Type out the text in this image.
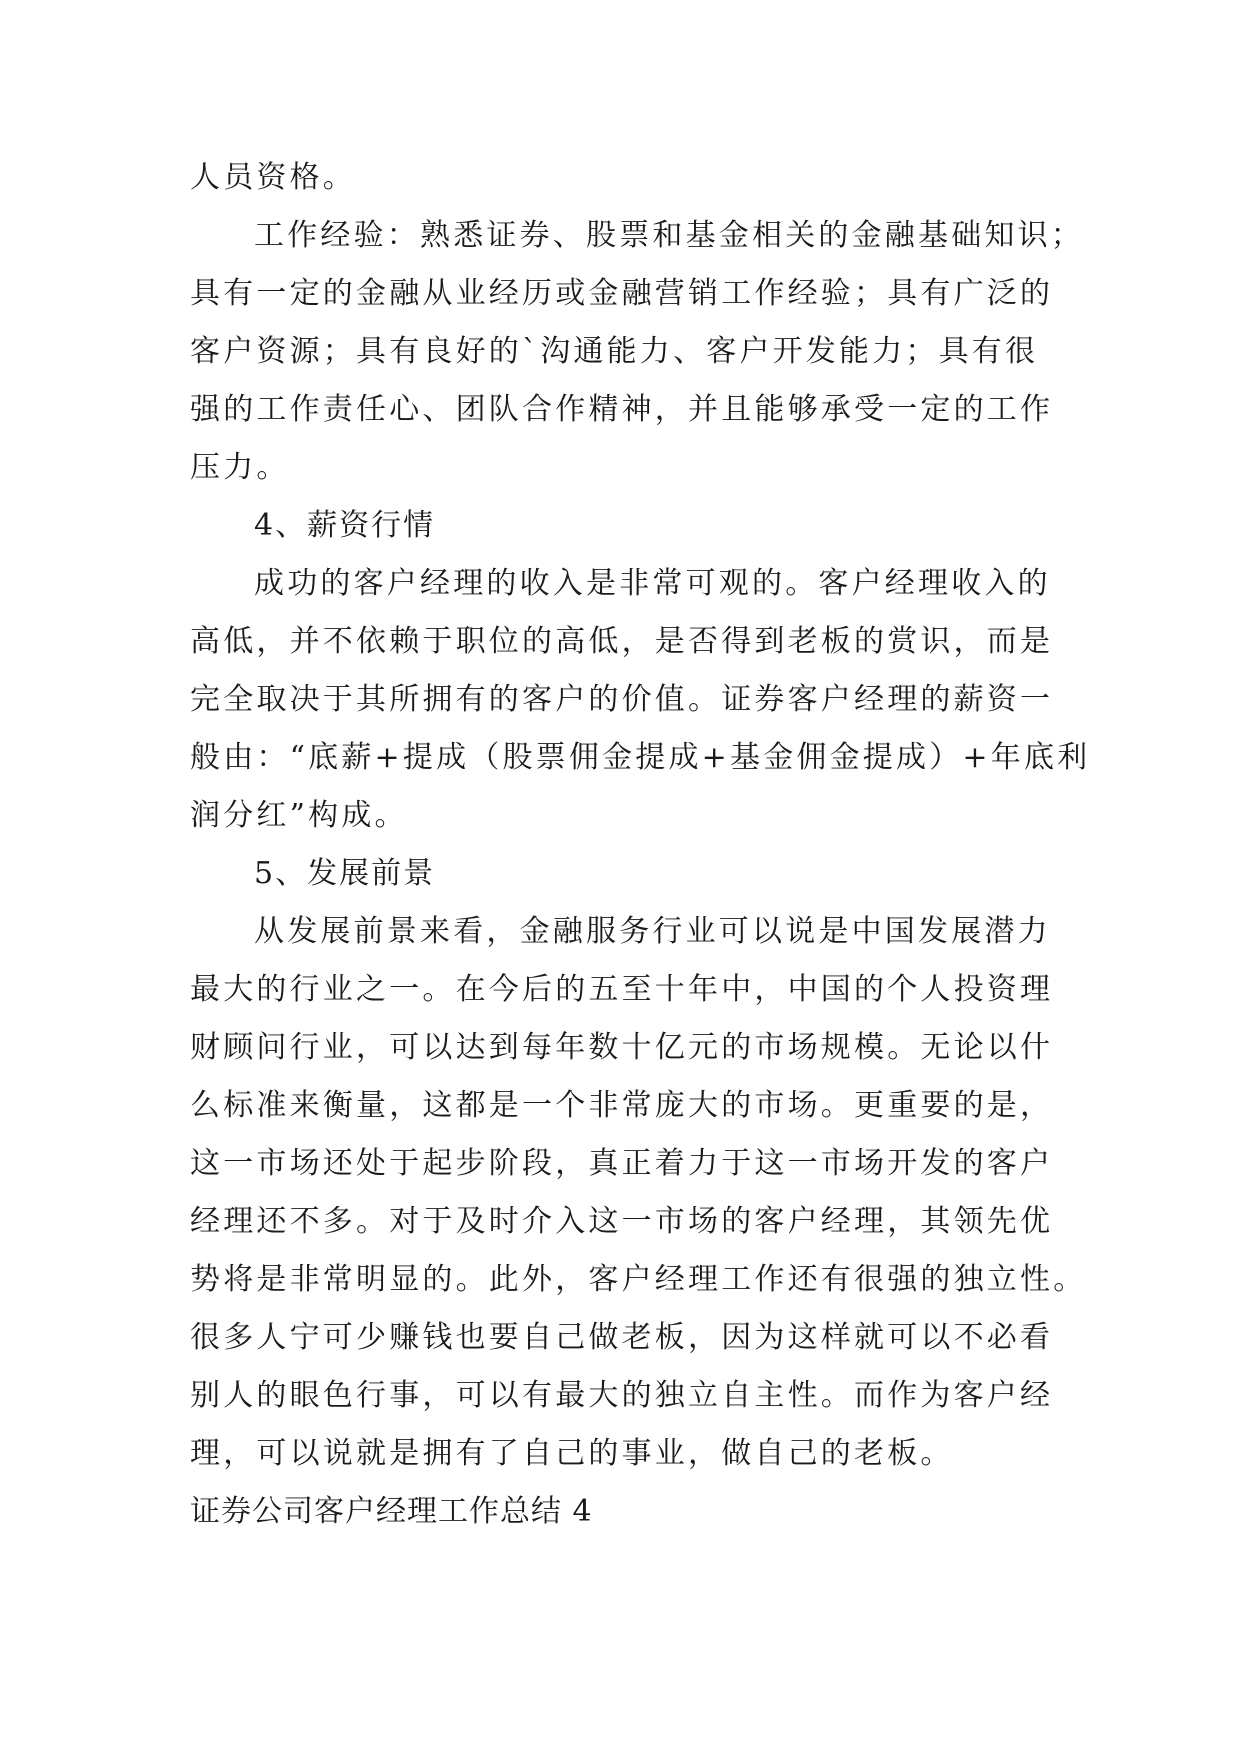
人员资格。
工作经验：熟悉证券、股票和基金相关的金融基础知识；
具有一定的金融从业经历或金融营销工作经验；具有广泛的
客户资源；具有良好的`沟通能力、客户开发能力；具有很
强的工作责任心、团队合作精神，并且能够承受一定的工作
压力。
4、薪资行情
成功的客户经理的收入是非常可观的。客户经理收入的
高低，并不依赖于职位的高低，是否得到老板的赏识，而是
完全取决于其所拥有的客户的价值。证券客户经理的薪资一
般由：“底薪+提成（股票佣金提成+基金佣金提成）+年底利
润分红”构成。
5、发展前景
从发展前景来看，金融服务行业可以说是中国发展潜力
最大的行业之一。在今后的五至十年中，中国的个人投资理
财顾问行业，可以达到每年数十亿元的市场规模。无论以什
么标准来衡量，这都是一个非常庞大的市场。更重要的是，
这一市场还处于起步阶段，真正着力于这一市场开发的客户
经理还不多。对于及时介入这一市场的客户经理，其领先优
势将是非常明显的。此外，客户经理工作还有很强的独立性。
很多人宁可少赚钱也要自己做老板，因为这样就可以不必看
别人的眼色行事，可以有最大的独立自主性。而作为客户经
理，可以说就是拥有了自己的事业，做自己的老板。
证券公司客户经理工作总结 4
